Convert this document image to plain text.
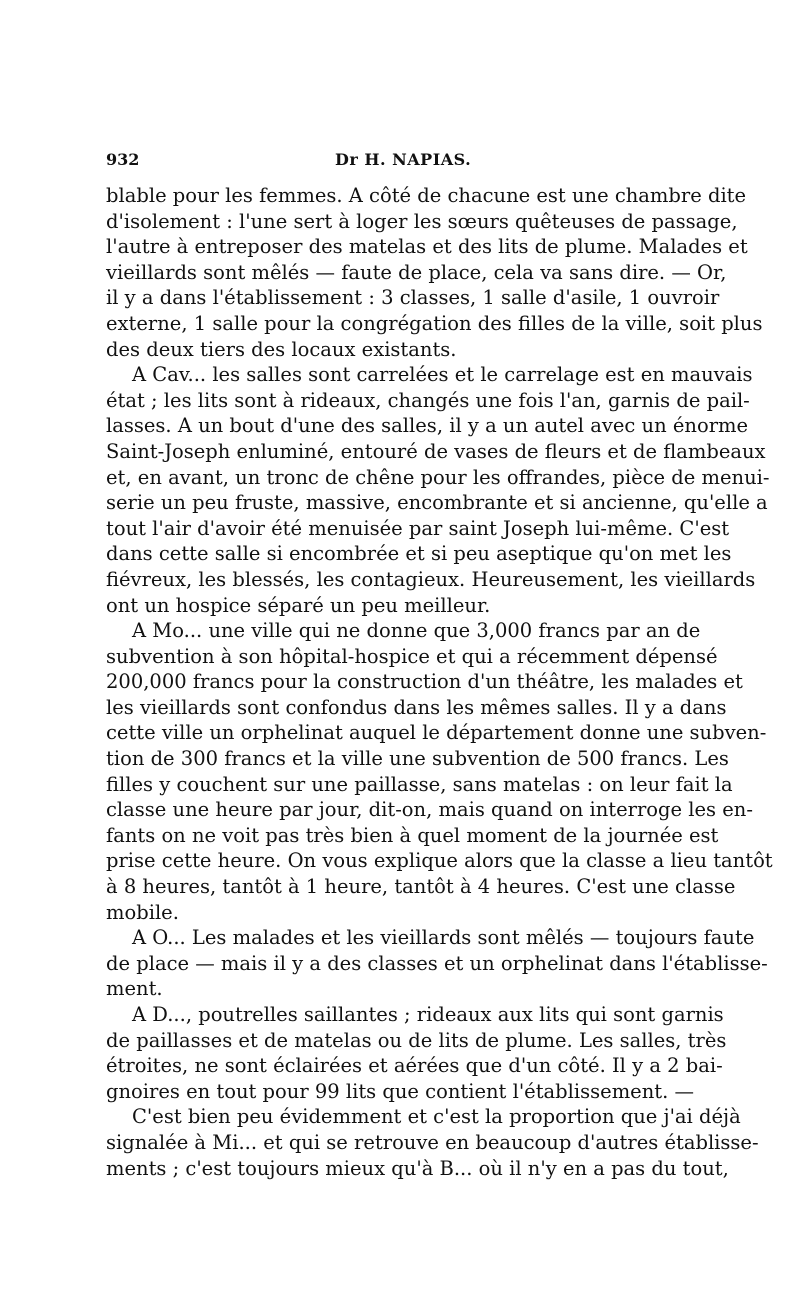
932	Dr H. NAPIAS.
blable pour les femmes. A côté de chacune est une chambre dite
d'isolement : l'une sert à loger les sœurs quêteuses de passage,
l'autre à entreposer des matelas et des lits de plume. Malades et
vieillards sont mêlés — faute de place, cela va sans dire. — Or,
il y a dans l'établissement : 3 classes, 1 salle d'asile, 1 ouvroir
externe, 1 salle pour la congrégation des filles de la ville, soit plus
des deux tiers des locaux existants.
A Cav... les salles sont carrelées et le carrelage est en mauvais
état ; les lits sont à rideaux, changés une fois l'an, garnis de pail-
lasses. A un bout d'une des salles, il y a un autel avec un énorme
Saint-Joseph enluminé, entouré de vases de fleurs et de flambeaux
et, en avant, un tronc de chêne pour les offrandes, pièce de menui-
serie un peu fruste, massive, encombrante et si ancienne, qu'elle a
tout l'air d'avoir été menuisée par saint Joseph lui-même. C'est
dans cette salle si encombrée et si peu aseptique qu'on met les
fiévreux, les blessés, les contagieux. Heureusement, les vieillards
ont un hospice séparé un peu meilleur.
A Mo... une ville qui ne donne que 3,000 francs par an de
subvention à son hôpital-hospice et qui a récemment dépensé
200,000 francs pour la construction d'un théâtre, les malades et
les vieillards sont confondus dans les mêmes salles. Il y a dans
cette ville un orphelinat auquel le département donne une subven-
tion de 300 francs et la ville une subvention de 500 francs. Les
filles y couchent sur une paillasse, sans matelas : on leur fait la
classe une heure par jour, dit-on, mais quand on interroge les en-
fants on ne voit pas très bien à quel moment de la journée est
prise cette heure. On vous explique alors que la classe a lieu tantôt
à 8 heures, tantôt à 1 heure, tantôt à 4 heures. C'est une classe
mobile.
A O... Les malades et les vieillards sont mêlés — toujours faute
de place — mais il y a des classes et un orphelinat dans l'établisse-
ment.
A D..., poutrelles saillantes ; rideaux aux lits qui sont garnis
de paillasses et de matelas ou de lits de plume. Les salles, très
étroites, ne sont éclairées et aérées que d'un côté. Il y a 2 bai-
gnoires en tout pour 99 lits que contient l'établissement. —
C'est bien peu évidemment et c'est la proportion que j'ai déjà
signalée à Mi... et qui se retrouve en beaucoup d'autres établisse-
ments ; c'est toujours mieux qu'à B... où il n'y en a pas du tout,
